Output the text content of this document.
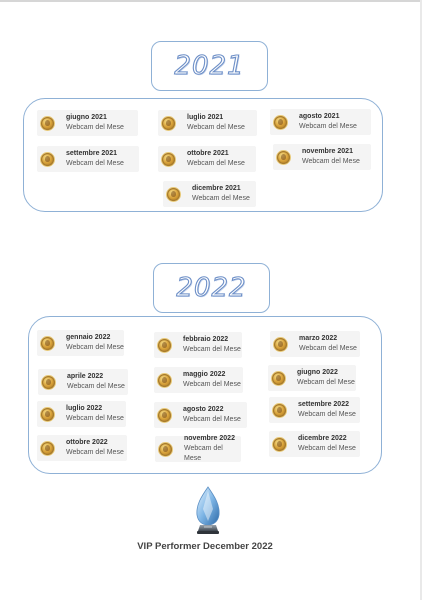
2021
giugno 2021
Webcam del Mese
luglio 2021
Webcam del Mese
agosto 2021
Webcam del Mese
settembre 2021
Webcam del Mese
ottobre 2021
Webcam del Mese
novembre 2021
Webcam del Mese
dicembre 2021
Webcam del Mese
2022
gennaio 2022
Webcam del Mese
febbraio 2022
Webcam del Mese
marzo 2022
Webcam del Mese
aprile 2022
Webcam del Mese
maggio 2022
Webcam del Mese
giugno 2022
Webcam del Mese
luglio 2022
Webcam del Mese
agosto 2022
Webcam del Mese
settembre 2022
Webcam del Mese
ottobre 2022
Webcam del Mese
novembre 2022
Webcam del Mese
dicembre 2022
Webcam del Mese
VIP Performer December 2022
